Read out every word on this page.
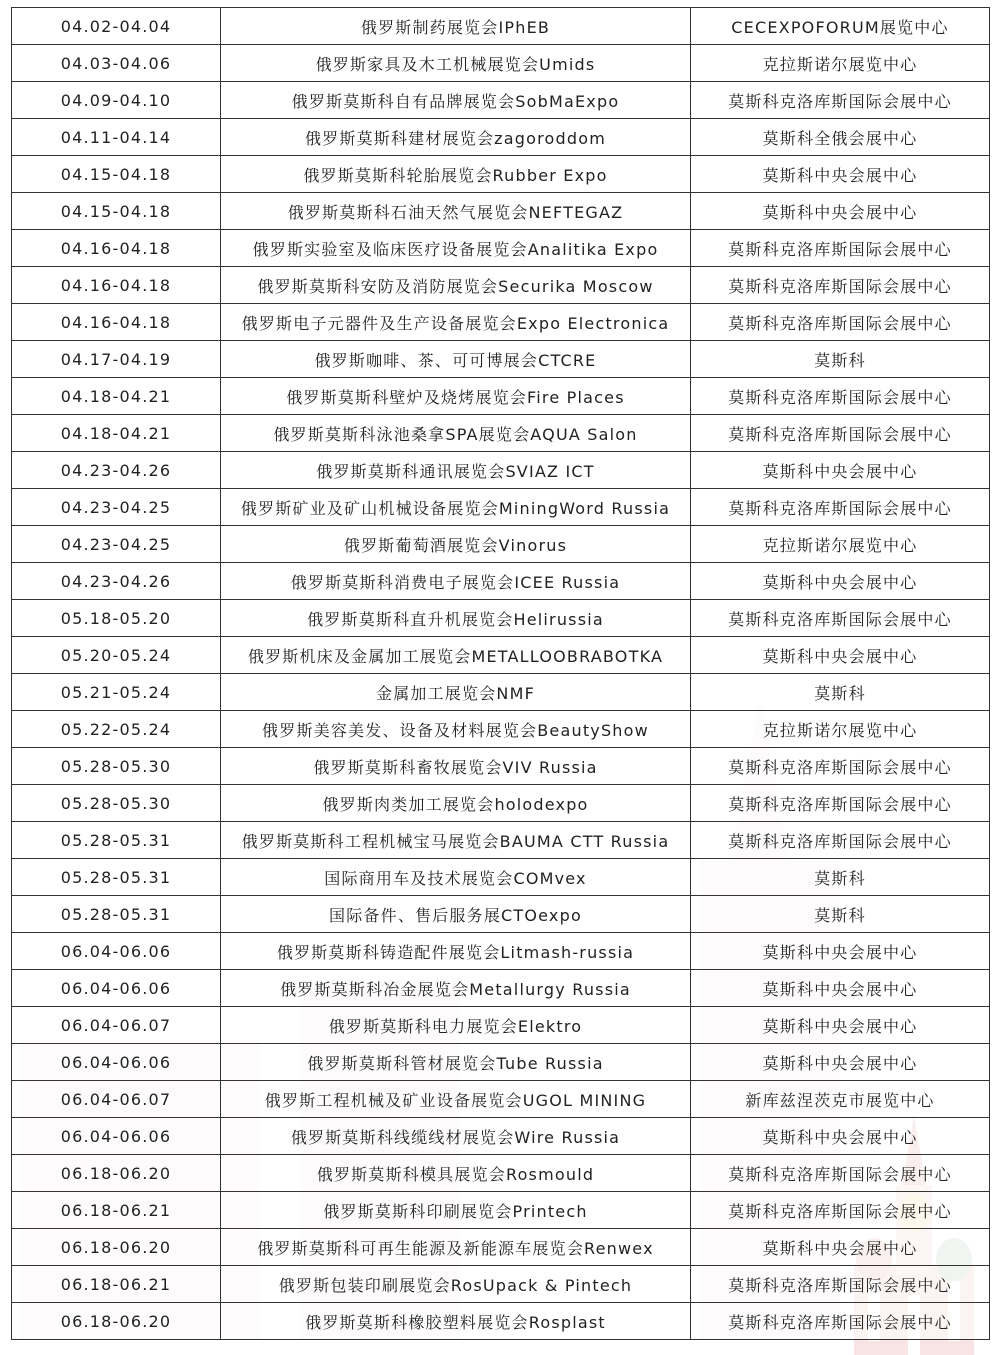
04.02-04.04	俄罗斯制药展览会IPhEB	CECEXPOFORUM展览中心
04.03-04.06	俄罗斯家具及木工机械展览会Umids	克拉斯诺尔展览中心
04.09-04.10	俄罗斯莫斯科自有品牌展览会SobMaExpo	莫斯科克洛库斯国际会展中心
04.11-04.14	俄罗斯莫斯科建材展览会zagoroddom	莫斯科全俄会展中心
04.15-04.18	俄罗斯莫斯科轮胎展览会Rubber Expo	莫斯科中央会展中心
04.15-04.18	俄罗斯莫斯科石油天然气展览会NEFTEGAZ	莫斯科中央会展中心
04.16-04.18	俄罗斯实验室及临床医疗设备展览会Analitika Expo	莫斯科克洛库斯国际会展中心
04.16-04.18	俄罗斯莫斯科安防及消防展览会Securika Moscow	莫斯科克洛库斯国际会展中心
04.16-04.18	俄罗斯电子元器件及生产设备展览会Expo Electronica	莫斯科克洛库斯国际会展中心
04.17-04.19	俄罗斯咖啡、茶、可可博展会CTCRE	莫斯科
04.18-04.21	俄罗斯莫斯科壁炉及烧烤展览会Fire Places	莫斯科克洛库斯国际会展中心
04.18-04.21	俄罗斯莫斯科泳池桑拿SPA展览会AQUA Salon	莫斯科克洛库斯国际会展中心
04.23-04.26	俄罗斯莫斯科通讯展览会SVIAZ ICT	莫斯科中央会展中心
04.23-04.25	俄罗斯矿业及矿山机械设备展览会MiningWord Russia	莫斯科克洛库斯国际会展中心
04.23-04.25	俄罗斯葡萄酒展览会Vinorus	克拉斯诺尔展览中心
04.23-04.26	俄罗斯莫斯科消费电子展览会ICEE Russia	莫斯科中央会展中心
05.18-05.20	俄罗斯莫斯科直升机展览会Helirussia	莫斯科克洛库斯国际会展中心
05.20-05.24	俄罗斯机床及金属加工展览会METALLOOBRABOTKA	莫斯科中央会展中心
05.21-05.24	金属加工展览会NMF	莫斯科
05.22-05.24	俄罗斯美容美发、设备及材料展览会BeautyShow	克拉斯诺尔展览中心
05.28-05.30	俄罗斯莫斯科畜牧展览会VIV Russia	莫斯科克洛库斯国际会展中心
05.28-05.30	俄罗斯肉类加工展览会holodexpo	莫斯科克洛库斯国际会展中心
05.28-05.31	俄罗斯莫斯科工程机械宝马展览会BAUMA CTT Russia	莫斯科克洛库斯国际会展中心
05.28-05.31	国际商用车及技术展览会COMvex	莫斯科
05.28-05.31	国际备件、售后服务展CTOexpo	莫斯科
06.04-06.06	俄罗斯莫斯科铸造配件展览会Litmash-russia	莫斯科中央会展中心
06.04-06.06	俄罗斯莫斯科冶金展览会Metallurgy Russia	莫斯科中央会展中心
06.04-06.07	俄罗斯莫斯科电力展览会Elektro	莫斯科中央会展中心
06.04-06.06	俄罗斯莫斯科管材展览会Tube Russia	莫斯科中央会展中心
06.04-06.07	俄罗斯工程机械及矿业设备展览会UGOL MINING	新库兹涅茨克市展览中心
06.04-06.06	俄罗斯莫斯科线缆线材展览会Wire Russia	莫斯科中央会展中心
06.18-06.20	俄罗斯莫斯科模具展览会Rosmould	莫斯科克洛库斯国际会展中心
06.18-06.21	俄罗斯莫斯科印刷展览会Printech	莫斯科克洛库斯国际会展中心
06.18-06.20	俄罗斯莫斯科可再生能源及新能源车展览会Renwex	莫斯科中央会展中心
06.18-06.21	俄罗斯包装印刷展览会RosUpack & Pintech	莫斯科克洛库斯国际会展中心
06.18-06.20	俄罗斯莫斯科橡胶塑料展览会Rosplast	莫斯科克洛库斯国际会展中心
